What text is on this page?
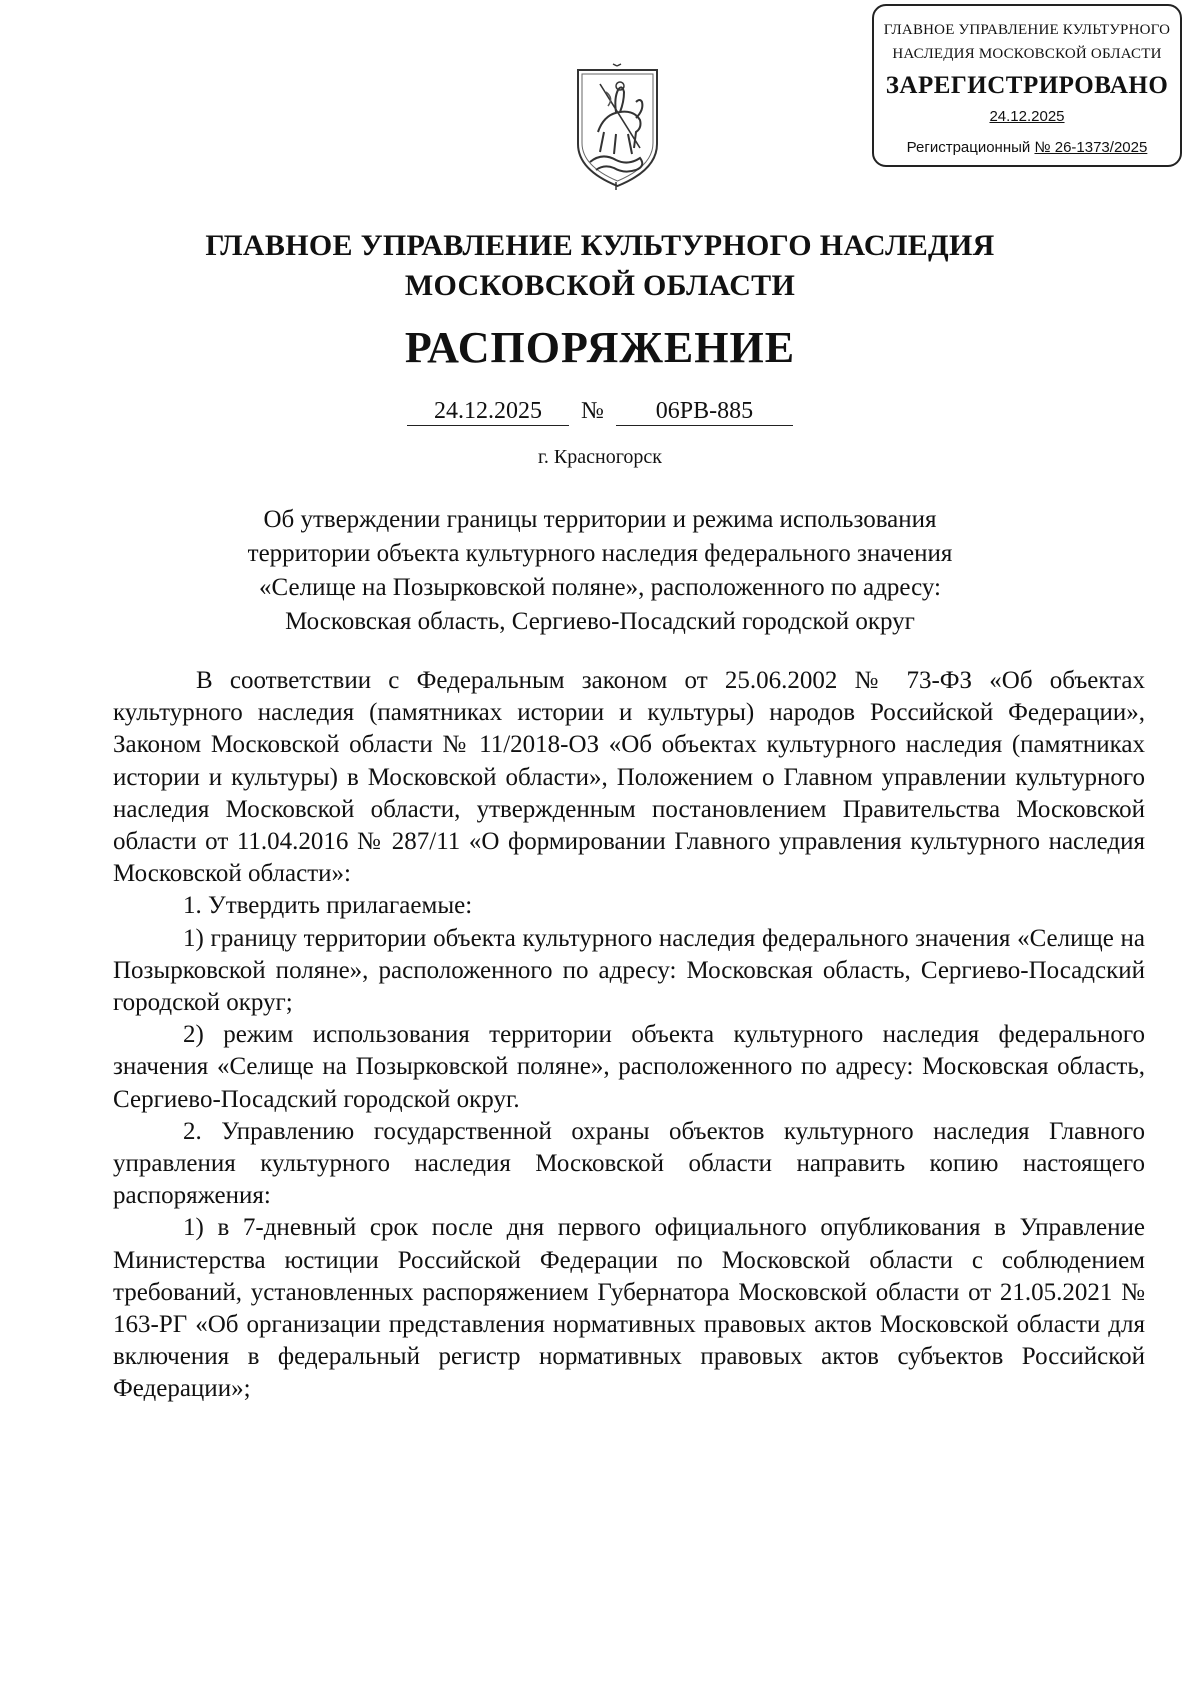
ГЛАВНОЕ УПРАВЛЕНИЕ КУЛЬТУРНОГО
НАСЛЕДИЯ МОСКОВСКОЙ ОБЛАСТИ
ЗАРЕГИСТРИРОВАНО
24.12.2025
Регистрационный № 26-1373/2025
ГЛАВНОЕ УПРАВЛЕНИЕ КУЛЬТУРНОГО НАСЛЕДИЯ
МОСКОВСКОЙ ОБЛАСТИ
РАСПОРЯЖЕНИЕ
24.12.2025 № 06РВ-885
г. Красногорск
Об утверждении границы территории и режима использования
территории объекта культурного наследия федерального значения
«Селище на Позырковской поляне», расположенного по адресу:
Московская область, Сергиево-Посадский городской округ

В соответствии с Федеральным законом от 25.06.2002 № 73-ФЗ «Об объектах культурного наследия (памятниках истории и культуры) народов Российской Федерации», Законом Московской области № 11/2018-ОЗ «Об объектах культурного наследия (памятниках истории и культуры) в Московской области», Положением о Главном управлении культурного наследия Московской области, утвержденным постановлением Правительства Московской области от 11.04.2016 № 287/11 «О формировании Главного управления культурного наследия Московской области»:

1. Утвердить прилагаемые:

1) границу территории объекта культурного наследия федерального значения «Селище на Позырковской поляне», расположенного по адресу: Московская область, Сергиево-Посадский городской округ;

2) режим использования территории объекта культурного наследия федерального значения «Селище на Позырковской поляне», расположенного по адресу: Московская область, Сергиево-Посадский городской округ.

2. Управлению государственной охраны объектов культурного наследия Главного управления культурного наследия Московской области направить копию настоящего распоряжения:

1) в 7-дневный срок после дня первого официального опубликования в Управление Министерства юстиции Российской Федерации по Московской области с соблюдением требований, установленных распоряжением Губернатора Московской области от 21.05.2021 № 163-РГ «Об организации представления нормативных правовых актов Московской области для включения в федеральный регистр нормативных правовых актов субъектов Российской Федерации»;
